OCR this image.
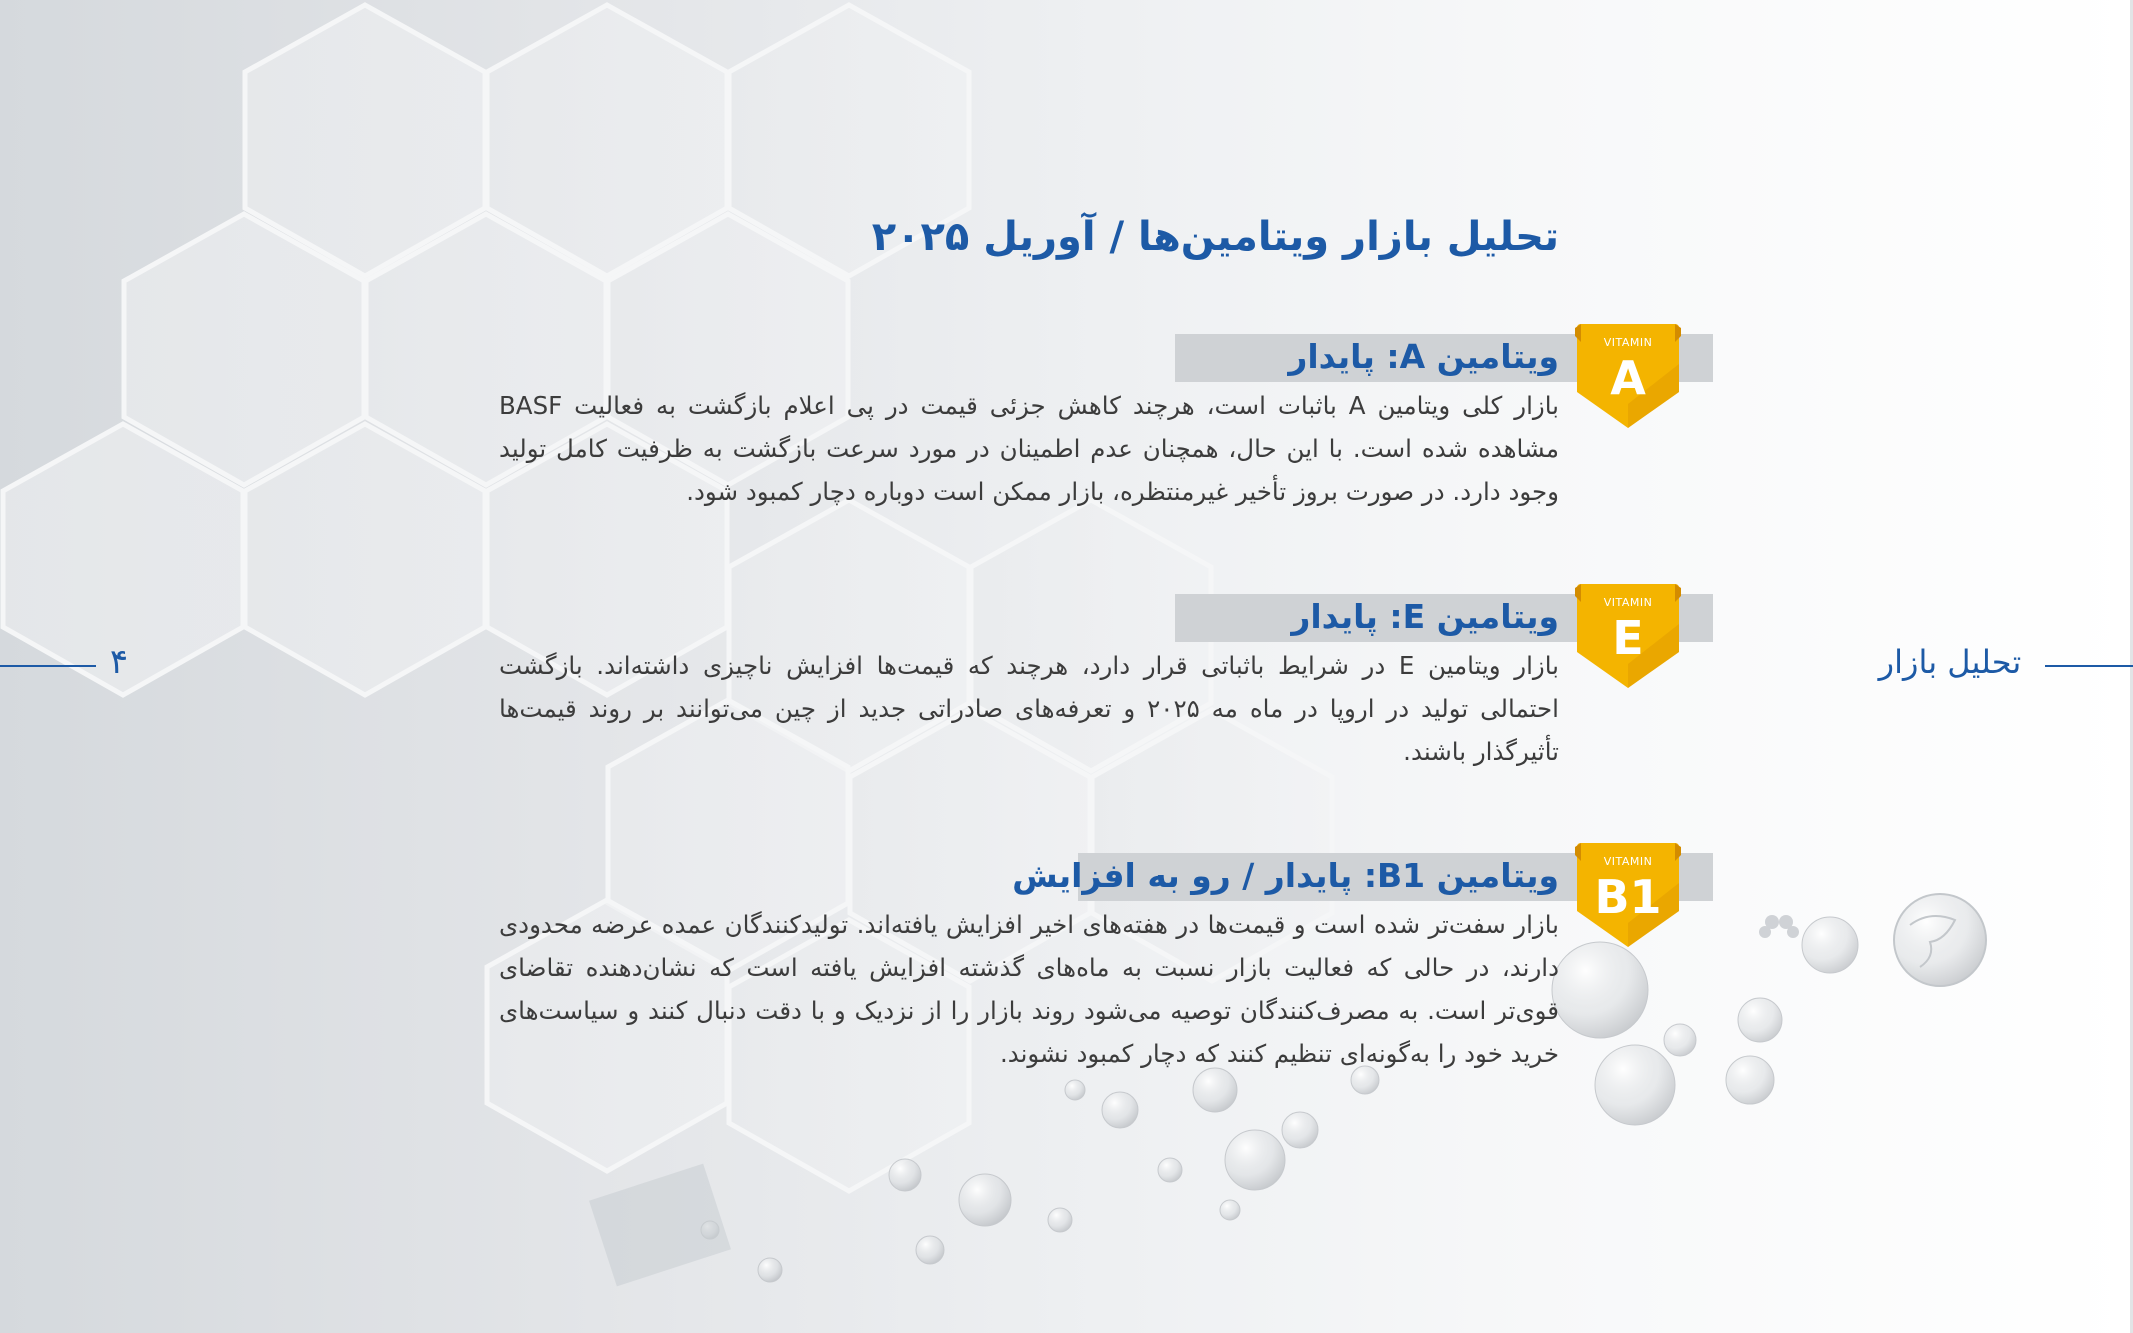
۴	تحلیل بازار
تحلیل بازار ویتامین‌ها / آوریل ۲۰۲۵
ویتامین A: پایدار	VITAMIN
A
بازار کلی ویتامین A باثبات است، هرچند کاهش جزئی قیمت در پی اعلام بازگشت به فعالیت BASF مشاهده شده است. با این حال، همچنان عدم اطمینان در مورد سرعت بازگشت به ظرفیت کامل تولید وجود دارد. در صورت بروز تأخیر غیرمنتظره، بازار ممکن است دوباره دچار کمبود شود.
ویتامین E: پایدار	VITAMIN
E
بازار ویتامین E در شرایط باثباتی قرار دارد، هرچند که قیمت‌ها افزایش ناچیزی داشته‌اند. بازگشت احتمالی تولید در اروپا در ماه مه ۲۰۲۵ و تعرفه‌های صادراتی جدید از چین می‌توانند بر روند قیمت‌ها تأثیرگذار باشند.
ویتامین B1: پایدار / رو به افزایش	VITAMIN
B1
بازار سفت‌تر شده است و قیمت‌ها در هفته‌های اخیر افزایش یافته‌اند. تولیدکنندگان عمده عرضه محدودی دارند، در حالی که فعالیت بازار نسبت به ماه‌های گذشته افزایش یافته است که نشان‌دهنده تقاضای قوی‌تر است. به مصرف‌کنندگان توصیه می‌شود روند بازار را از نزدیک و با دقت دنبال کنند و سیاست‌های خرید خود را به‌گونه‌ای تنظیم کنند که دچار کمبود نشوند.
